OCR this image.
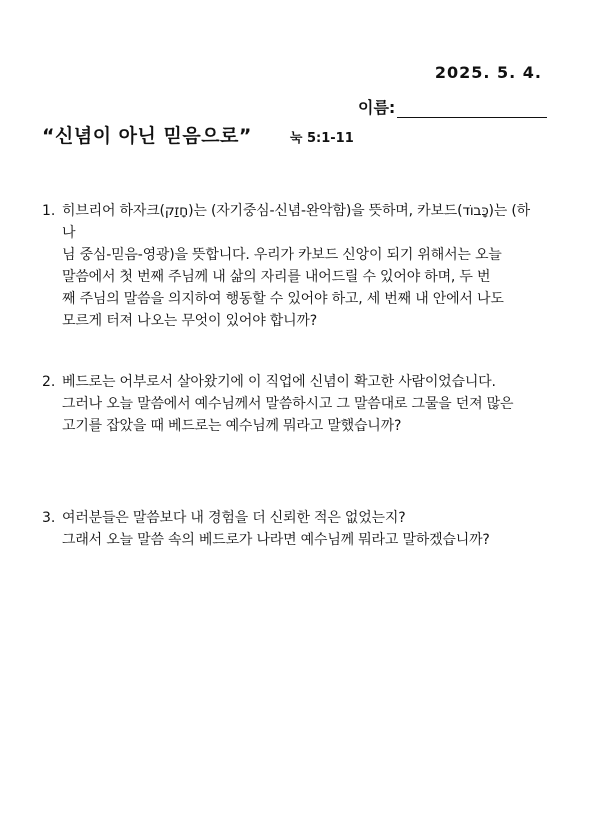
2025. 5. 4.
이름:
“신념이 아닌 믿음으로”	눅 5:1-11
1. 히브리어 하자크(חָזַק)는 (자기중심-신념-완악함)을 뜻하며, 카보드(כָּבוֹד)는 (하나
님 중심-믿음-영광)을 뜻합니다. 우리가 카보드 신앙이 되기 위해서는 오늘
말씀에서 첫 번째 주님께 내 삶의 자리를 내어드릴 수 있어야 하며, 두 번
째 주님의 말씀을 의지하여 행동할 수 있어야 하고, 세 번째 내 안에서 나도
모르게 터져 나오는 무엇이 있어야 합니까?
2. 베드로는 어부로서 살아왔기에 이 직업에 신념이 확고한 사람이었습니다.
그러나 오늘 말씀에서 예수님께서 말씀하시고 그 말씀대로 그물을 던져 많은
고기를 잡았을 때 베드로는 예수님께 뭐라고 말했습니까?
3. 여러분들은 말씀보다 내 경험을 더 신뢰한 적은 없었는지?
그래서 오늘 말씀 속의 베드로가 나라면 예수님께 뭐라고 말하겠습니까?
